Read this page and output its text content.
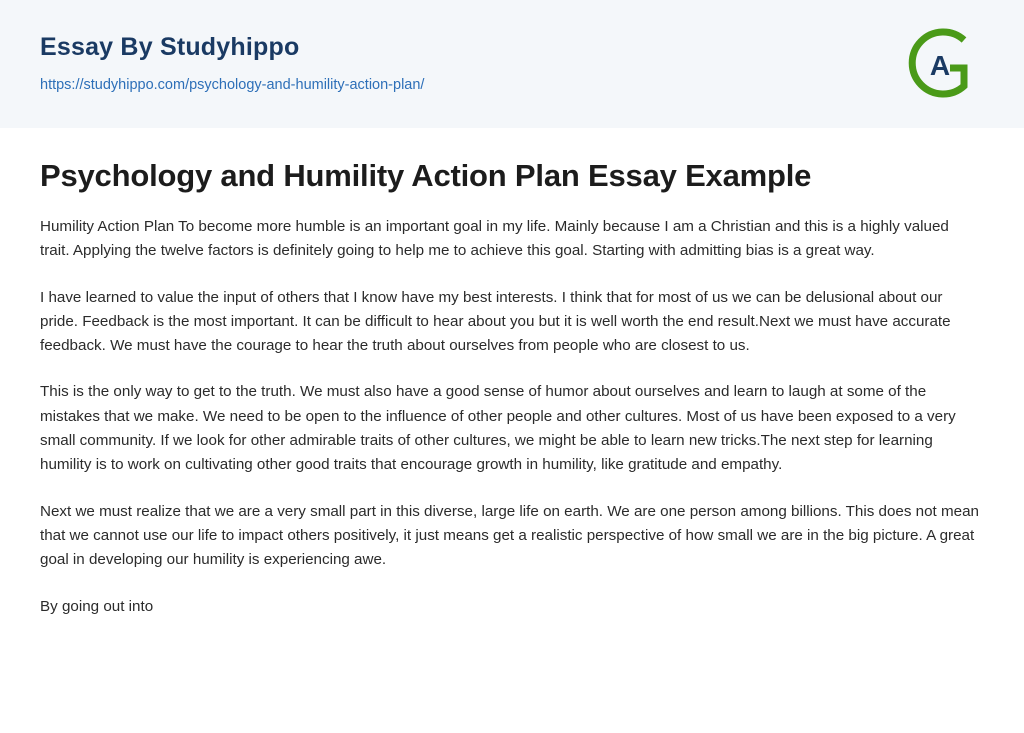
Essay By Studyhippo
https://studyhippo.com/psychology-and-humility-action-plan/
A
Psychology and Humility Action Plan Essay Example

Humility Action Plan To become more humble is an important goal in my life. Mainly because I am a Christian and this is a highly valued trait. Applying the twelve factors is definitely going to help me to achieve this goal. Starting with admitting bias is a great way.

I have learned to value the input of others that I know have my best interests. I think that for most of us we can be delusional about our pride. Feedback is the most important. It can be difficult to hear about you but it is well worth the end result.Next we must have accurate feedback. We must have the courage to hear the truth about ourselves from people who are closest to us.

This is the only way to get to the truth. We must also have a good sense of humor about ourselves and learn to laugh at some of the mistakes that we make. We need to be open to the influence of other people and other cultures. Most of us have been exposed to a very small community. If we look for other admirable traits of other cultures, we might be able to learn new tricks.The next step for learning humility is to work on cultivating other good traits that encourage growth in humility, like gratitude and empathy.

Next we must realize that we are a very small part in this diverse, large life on earth. We are one person among billions. This does not mean that we cannot use our life to impact others positively, it just means get a realistic perspective of how small we are in the big picture. A great goal in developing our humility is experiencing awe.

By going out into
